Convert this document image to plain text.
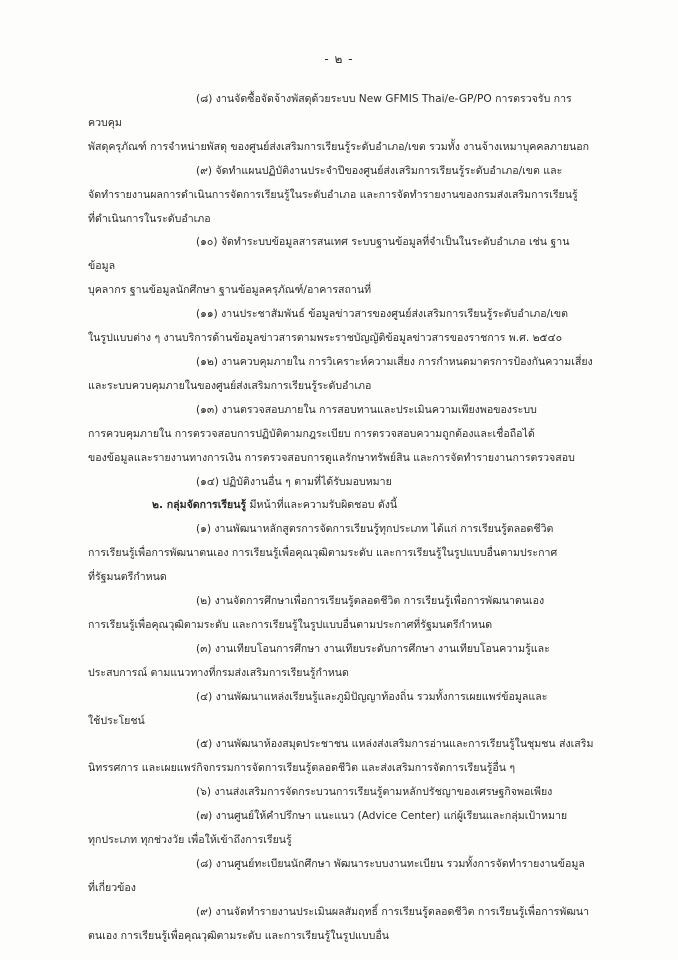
- ๒ -
(๘) งานจัดซื้อจัดจ้างพัสดุด้วยระบบ New GFMIS Thai/e-GP/PO การตรวจรับ การควบคุม
พัสดุครุภัณฑ์ การจำหน่ายพัสดุ ของศูนย์ส่งเสริมการเรียนรู้ระดับอำเภอ/เขต รวมทั้ง งานจ้างเหมาบุคคลภายนอก
(๙) จัดทำแผนปฏิบัติงานประจำปีของศูนย์ส่งเสริมการเรียนรู้ระดับอำเภอ/เขต และ
จัดทำรายงานผลการดำเนินการจัดการเรียนรู้ในระดับอำเภอ และการจัดทำรายงานของกรมส่งเสริมการเรียนรู้
ที่ดำเนินการในระดับอำเภอ
(๑๐) จัดทำระบบข้อมูลสารสนเทศ ระบบฐานข้อมูลที่จำเป็นในระดับอำเภอ เช่น ฐานข้อมูล
บุคลากร ฐานข้อมูลนักศึกษา ฐานข้อมูลครุภัณฑ์/อาคารสถานที่
(๑๑) งานประชาสัมพันธ์ ข้อมูลข่าวสารของศูนย์ส่งเสริมการเรียนรู้ระดับอำเภอ/เขต
ในรูปแบบต่าง ๆ งานบริการด้านข้อมูลข่าวสารตามพระราชบัญญัติข้อมูลข่าวสารของราชการ พ.ศ. ๒๕๔๐
(๑๒) งานควบคุมภายใน การวิเคราะห์ความเสี่ยง การกำหนดมาตรการป้องกันความเสี่ยง
และระบบควบคุมภายในของศูนย์ส่งเสริมการเรียนรู้ระดับอำเภอ
(๑๓) งานตรวจสอบภายใน การสอบทานและประเมินความเพียงพอของระบบ
การควบคุมภายใน การตรวจสอบการปฏิบัติตามกฎระเบียบ การตรวจสอบความถูกต้องและเชื่อถือได้
ของข้อมูลและรายงานทางการเงิน การตรวจสอบการดูแลรักษาทรัพย์สิน และการจัดทำรายงานการตรวจสอบ
(๑๔) ปฏิบัติงานอื่น ๆ ตามที่ได้รับมอบหมาย
๒. กลุ่มจัดการเรียนรู้ มีหน้าที่และความรับผิดชอบ ดังนี้
(๑) งานพัฒนาหลักสูตรการจัดการเรียนรู้ทุกประเภท ได้แก่ การเรียนรู้ตลอดชีวิต
การเรียนรู้เพื่อการพัฒนาตนเอง การเรียนรู้เพื่อคุณวุฒิตามระดับ และการเรียนรู้ในรูปแบบอื่นตามประกาศ
ที่รัฐมนตรีกำหนด
(๒) งานจัดการศึกษาเพื่อการเรียนรู้ตลอดชีวิต การเรียนรู้เพื่อการพัฒนาตนเอง
การเรียนรู้เพื่อคุณวุฒิตามระดับ และการเรียนรู้ในรูปแบบอื่นตามประกาศที่รัฐมนตรีกำหนด
(๓) งานเทียบโอนการศึกษา งานเทียบระดับการศึกษา งานเทียบโอนความรู้และ
ประสบการณ์ ตามแนวทางที่กรมส่งเสริมการเรียนรู้กำหนด
(๔) งานพัฒนาแหล่งเรียนรู้และภูมิปัญญาท้องถิ่น รวมทั้งการเผยแพร่ข้อมูลและ
ใช้ประโยชน์
(๕) งานพัฒนาห้องสมุดประชาชน แหล่งส่งเสริมการอ่านและการเรียนรู้ในชุมชน ส่งเสริม
นิทรรศการ และเผยแพร่กิจกรรมการจัดการเรียนรู้ตลอดชีวิต และส่งเสริมการจัดการเรียนรู้อื่น ๆ
(๖) งานส่งเสริมการจัดกระบวนการเรียนรู้ตามหลักปรัชญาของเศรษฐกิจพอเพียง
(๗) งานศูนย์ให้คำปรึกษา แนะแนว (Advice Center) แก่ผู้เรียนและกลุ่มเป้าหมาย
ทุกประเภท ทุกช่วงวัย เพื่อให้เข้าถึงการเรียนรู้
(๘) งานศูนย์ทะเบียนนักศึกษา พัฒนาระบบงานทะเบียน รวมทั้งการจัดทำรายงานข้อมูล
ที่เกี่ยวข้อง
(๙) งานจัดทำรายงานประเมินผลสัมฤทธิ์ การเรียนรู้ตลอดชีวิต การเรียนรู้เพื่อการพัฒนา
ตนเอง การเรียนรู้เพื่อคุณวุฒิตามระดับ และการเรียนรู้ในรูปแบบอื่น
